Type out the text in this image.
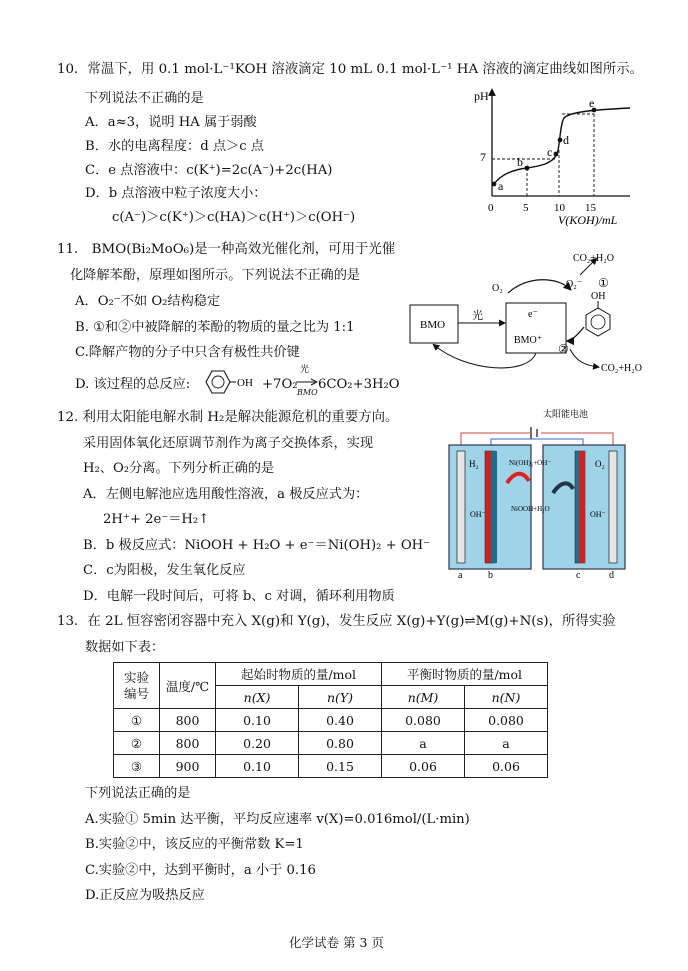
10．常温下，用 0.1 mol·L⁻¹KOH 溶液滴定 10 mL 0.1 mol·L⁻¹ HA 溶液的滴定曲线如图所示。
下列说法不正确的是
A．a≈3，说明 HA 属于弱酸
B．水的电离程度：d 点＞c 点
C．e 点溶液中：c(K⁺)=2c(A⁻)+2c(HA)
D．b 点溶液中粒子浓度大小：
c(A⁻)＞c(K⁺)＞c(HA)＞c(H⁺)＞c(OH⁻)
pH
7
0	5 10 15
V(KOH)/mL
a
b
c
d
e
11． BMO(Bi₂MoO₆)是一种高效光催化剂，可用于光催
化降解苯酚，原理如图所示。下列说法不正确的是
A．O₂⁻不如 O₂结构稳定
B. ①和②中被降解的苯酚的物质的量之比为 1:1
C.降解产物的分子中只含有极性共价键
D. 该过程的总反应:	OH +7O₂
光
BMO
6CO₂+3H₂O
BMO
光	e⁻
BMO⁺
O₂	O₂⁻
CO₂+H₂O
①
OH
②
CO₂+H₂O
12. 利用太阳能电解水制 H₂是解决能源危机的重要方向。
采用固体氧化还原调节剂作为离子交换体系，实现
H₂、O₂分离。下列分析正确的是
A．左侧电解池应选用酸性溶液，a 极反应式为：
2H⁺+ 2e⁻＝H₂↑
B．b 极反应式：NiOOH + H₂O + e⁻＝Ni(OH)₂ + OH⁻
C．c为阳极，发生氧化反应
D．电解一段时间后，可将 b、c 对调，循环利用物质
太阳能电池
H₂	O₂
Ni(OH)₂+OH⁻
NiOOH+H₂O
OH⁻	OH⁻
a	b	c	d
13．在 2L 恒容密闭容器中充入 X(g)和 Y(g)，发生反应 X(g)+Y(g)⇌M(g)+N(s)，所得实验
数据如下表：
实验
编号	温度/℃	起始时物质的量/mol		平衡时物质的量/mol	
		n(X)	n(Y)	n(M)	n(N)
①	800	0.10	0.40	0.080	0.080
②	800	0.20	0.80	a	a
③	900	0.10	0.15	0.06	0.06
下列说法正确的是
A.实验① 5min 达平衡，平均反应速率 v(X)=0.016mol/(L·min)
B.实验②中，该反应的平衡常数 K=1
C.实验②中，达到平衡时，a 小于 0.16
D.正反应为吸热反应
化学试卷 第 3 页
